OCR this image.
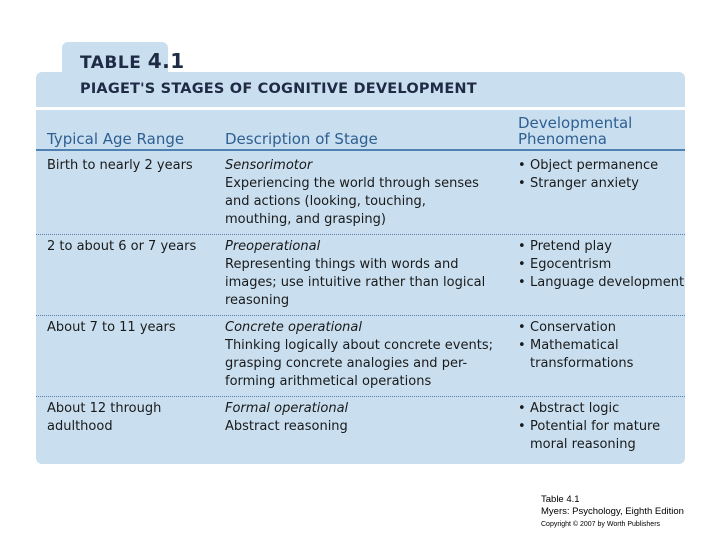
TABLE 4.1
PIAGET'S STAGES OF COGNITIVE DEVELOPMENT
Typical Age Range	Description of Stage
Developmental
Phenomena
Birth to nearly 2 years Sensorimotor
Experiencing the world through senses
and actions (looking, touching,
mouthing, and grasping)
• Object permanence
• Stranger anxiety
2 to about 6 or 7 years Preoperational
Representing things with words and
images; use intuitive rather than logical
reasoning
• Pretend play
• Egocentrism
• Language development
About 7 to 11 years	Concrete operational
Thinking logically about concrete events;
grasping concrete analogies and per-
forming arithmetical operations
• Conservation
• Mathematical
transformations
About 12 through
adulthood
Formal operational
Abstract reasoning
• Abstract logic
• Potential for mature
moral reasoning
Table 4.1
Myers: Psychology, Eighth Edition
Copyright © 2007 by Worth Publishers
